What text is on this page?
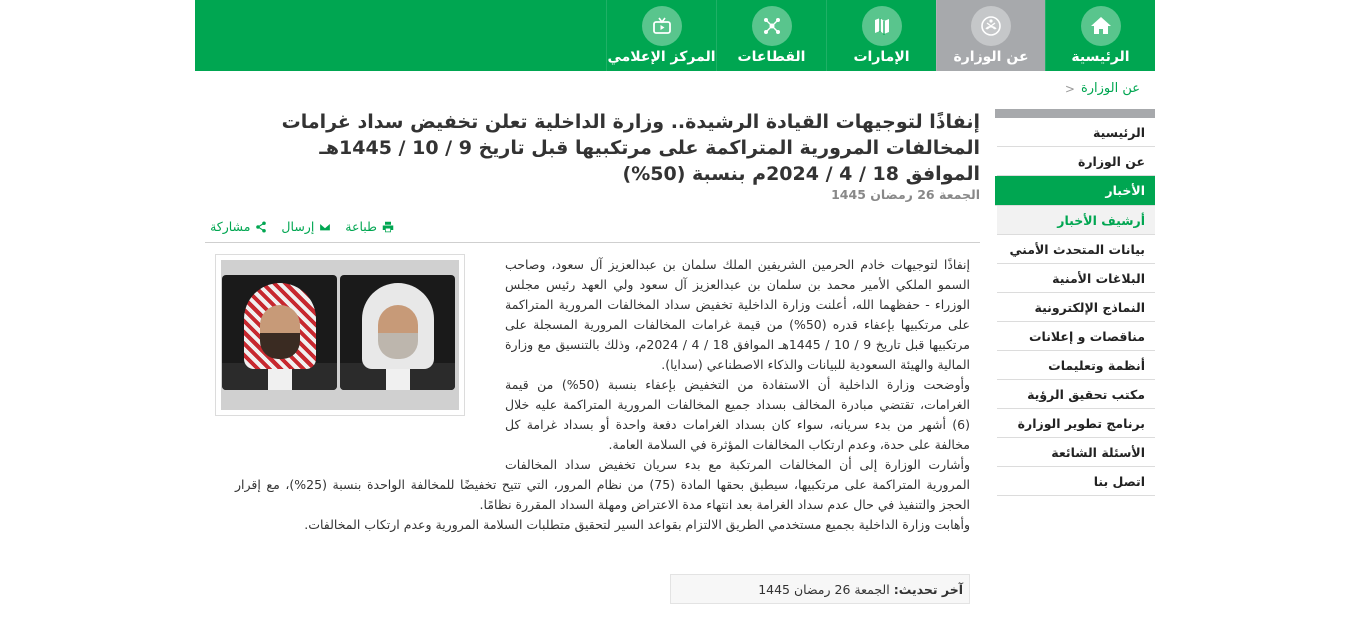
الرئيسية
عن الوزارة
الإمارات
القطاعات
المركز الإعلامي
عن الوزارة
<
الرئيسية
عن الوزارة
الأخبار
أرشيف الأخبار
بيانات المتحدث الأمني
البلاغات الأمنية
النماذج الإلكترونية
مناقصات و إعلانات
أنظمة وتعليمات
مكتب تحقيق الرؤية
برنامج تطوير الوزارة
الأسئلة الشائعة
اتصل بنا
إنفاذًا لتوجيهات القيادة الرشيدة.. وزارة الداخلية تعلن تخفيض سداد غرامات المخالفات المرورية المتراكمة على مرتكبيها قبل تاريخ 9 / 10 / 1445هـ الموافق 18 / 4 / 2024م بنسبة (50%)
الجمعة 26 رمضان 1445
طباعة
إرسال
مشاركة

إنفاذًا لتوجيهات خادم الحرمين الشريفين الملك سلمان بن عبدالعزيز آل سعود، وصاحب السمو الملكي الأمير محمد بن سلمان بن عبدالعزيز آل سعود ولي العهد رئيس مجلس الوزراء - حفظهما الله، أعلنت وزارة الداخلية تخفيض سداد المخالفات المرورية المتراكمة على مرتكبيها بإعفاء قدره (50%) من قيمة غرامات المخالفات المرورية المسجلة على مرتكبيها قبل تاريخ 9 / 10 / 1445هـ الموافق 18 / 4 / 2024م، وذلك بالتنسيق مع وزارة المالية والهيئة السعودية للبيانات والذكاء الاصطناعي (سدايا).

وأوضحت وزارة الداخلية أن الاستفادة من التخفيض بإعفاء بنسبة (50%) من قيمة الغرامات، تقتضي مبادرة المخالف بسداد جميع المخالفات المرورية المتراكمة عليه خلال (6) أشهر من بدء سريانه، سواء كان بسداد الغرامات دفعة واحدة أو بسداد غرامة كل مخالفة على حدة، وعدم ارتكاب المخالفات المؤثرة في السلامة العامة.

وأشارت الوزارة إلى أن المخالفات المرتكبة مع بدء سريان تخفيض سداد المخالفات المرورية المتراكمة على مرتكبيها، سيطبق بحقها المادة (75) من نظام المرور، التي تتيح تخفيضًا للمخالفة الواحدة بنسبة (25%)، مع إقرار الحجز والتنفيذ في حال عدم سداد الغرامة بعد انتهاء مدة الاعتراض ومهلة السداد المقررة نظامًا.

وأهابت وزارة الداخلية بجميع مستخدمي الطريق الالتزام بقواعد السير لتحقيق متطلبات السلامة المرورية وعدم ارتكاب المخالفات.

آخر تحديث:
الجمعة 26 رمضان 1445
